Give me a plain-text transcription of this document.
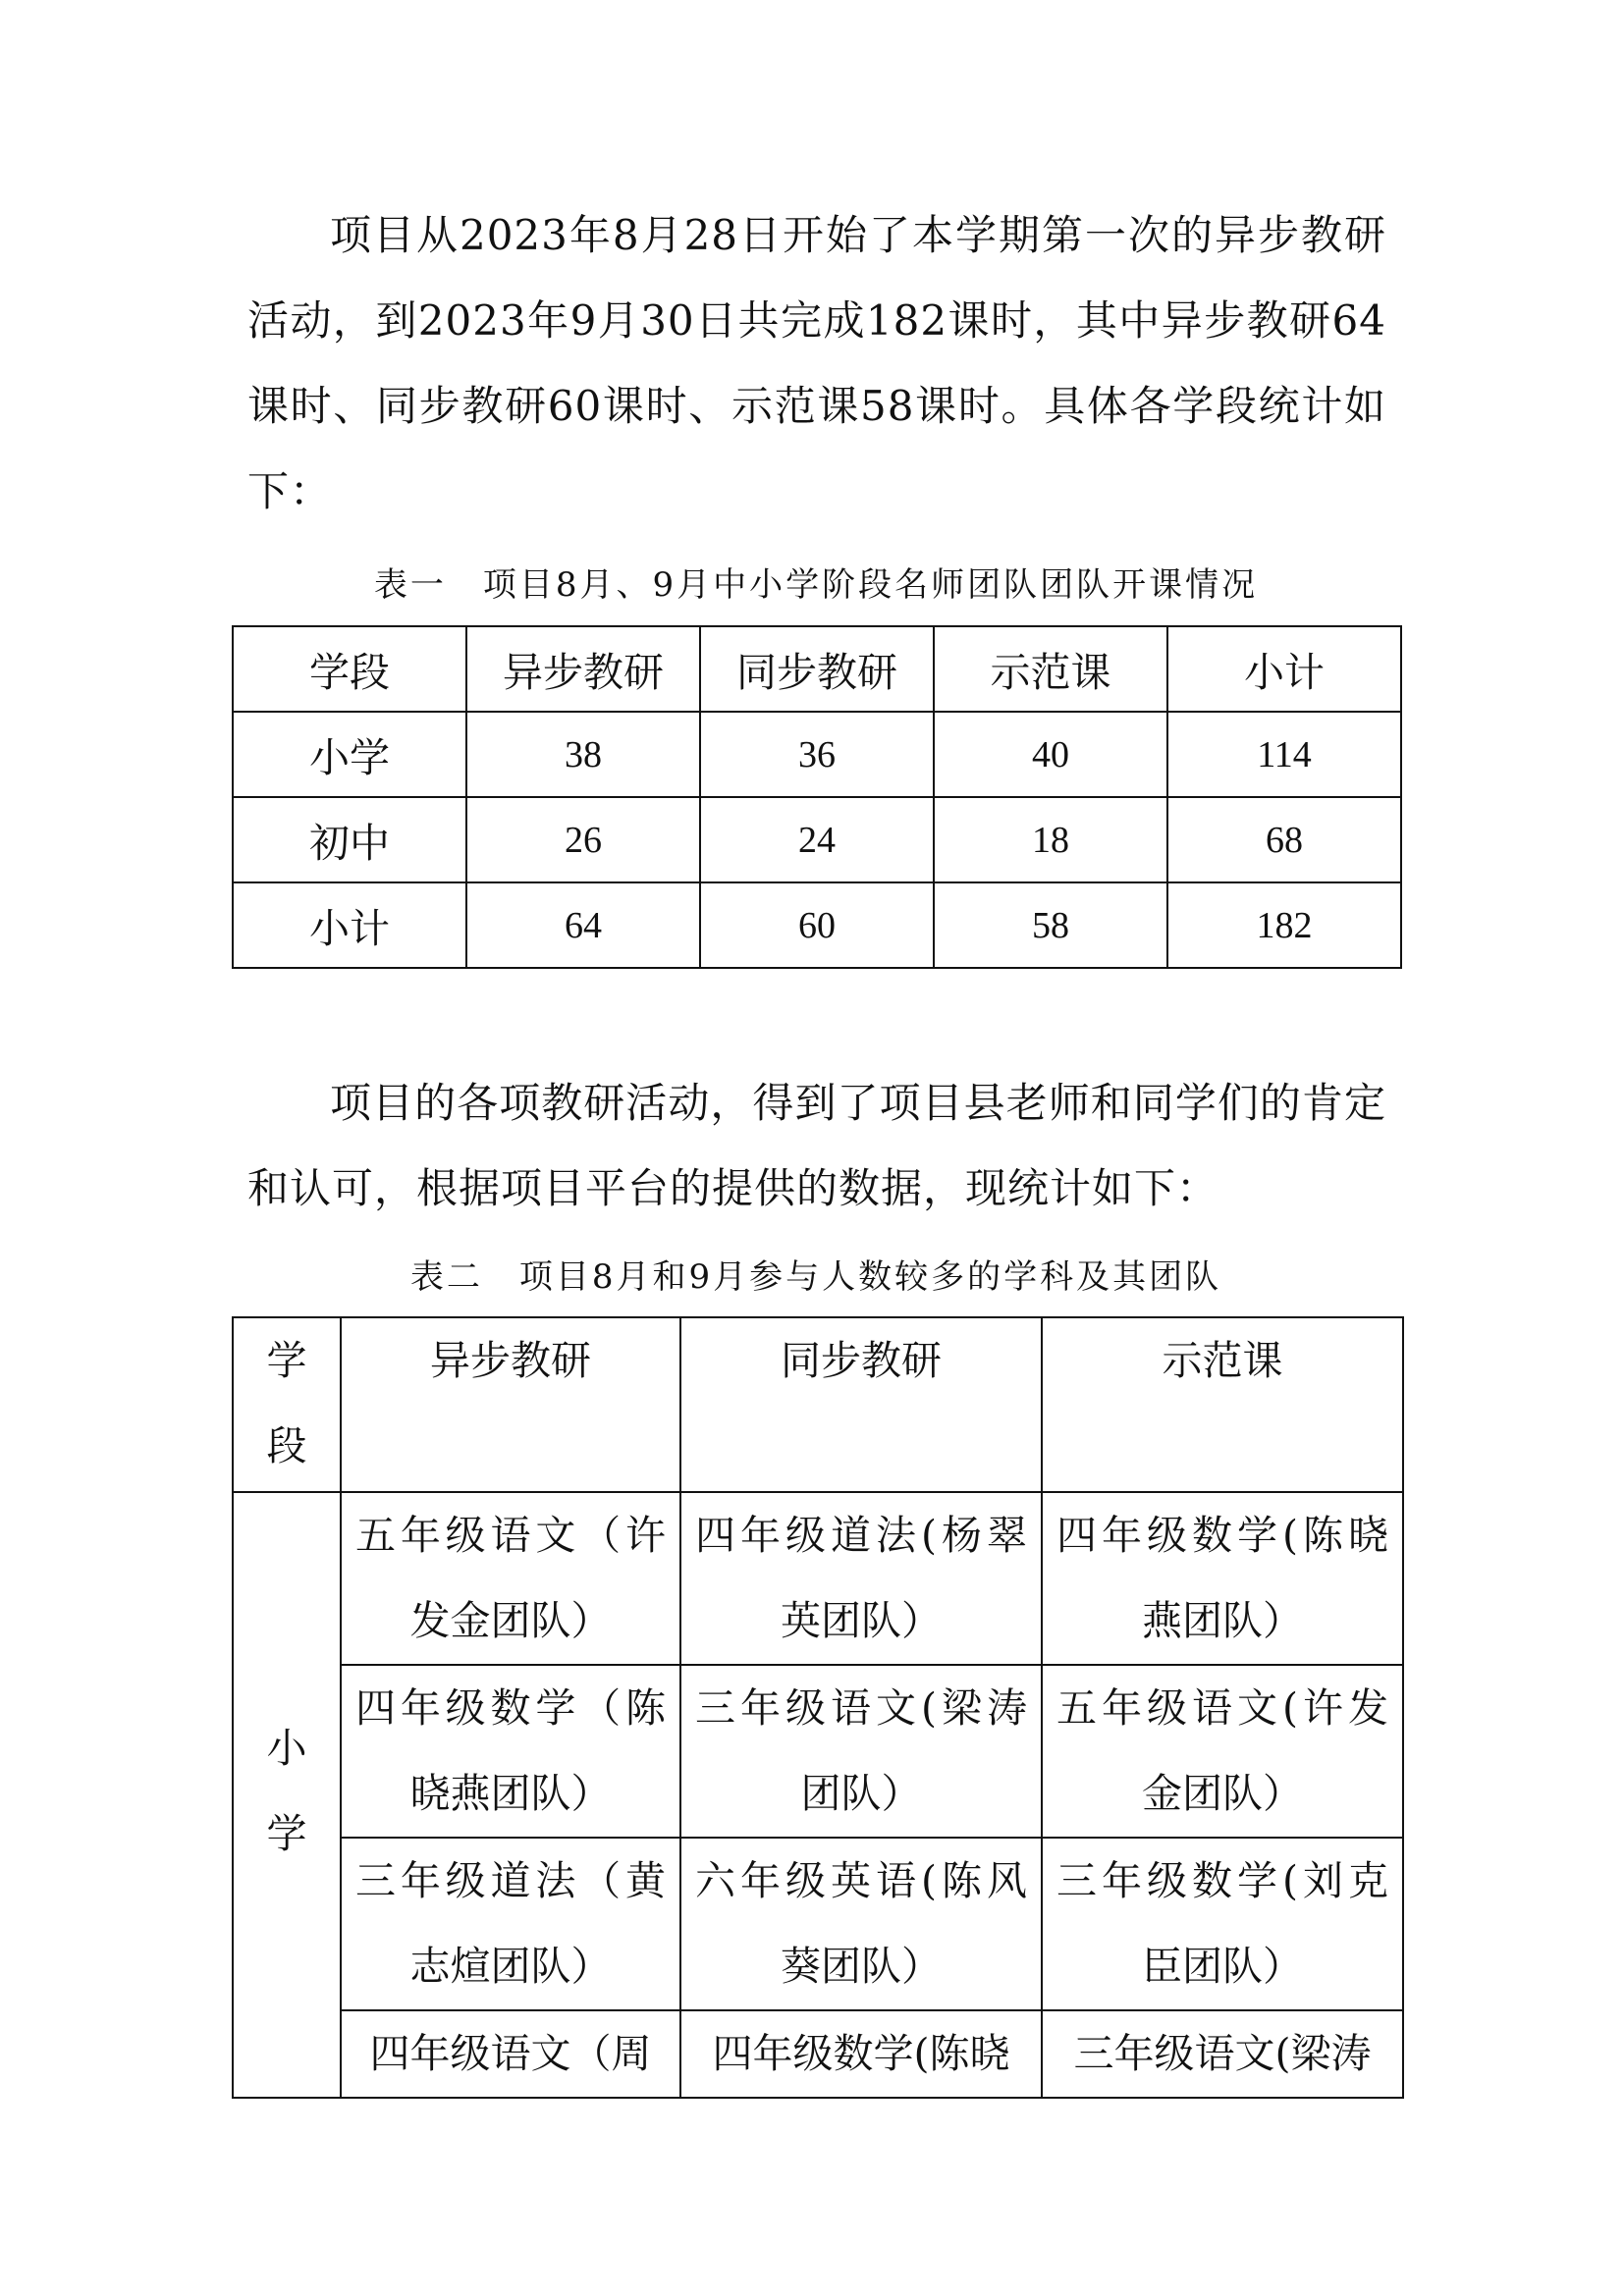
项目从2023年8月28日开始了本学期第一次的异步教研活动，到2023年9月30日共完成182课时，其中异步教研64课时、同步教研60课时、示范课58课时。具体各学段统计如下：

表一　项目8月、9月中小学阶段名师团队团队开课情况

学段	异步教研	同步教研	示范课	小计
小学	38	36	40	114
初中	26	24	18	68
小计	64	60	58	182

项目的各项教研活动，得到了项目县老师和同学们的肯定和认可，根据项目平台的提供的数据，现统计如下：

表二　项目8月和9月参与人数较多的学科及其团队

学段	异步教研	同步教研	示范课
小学	五年级语文（许发金团队）	四年级道法(杨翠英团队）	四年级数学(陈晓燕团队）
	四年级数学（陈晓燕团队）	三年级语文(梁涛团队）	五年级语文(许发金团队）
	三年级道法（黄志煊团队）	六年级英语(陈风葵团队）	三年级数学(刘克臣团队）
	四年级语文（周	四年级数学(陈晓	三年级语文(梁涛
